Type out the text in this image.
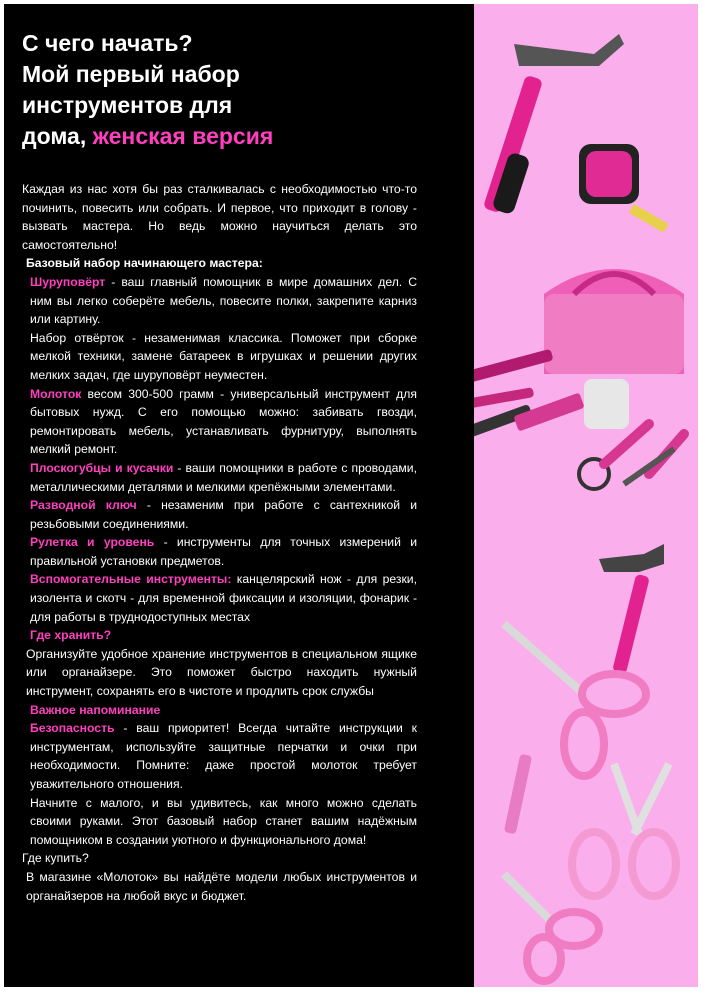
С чего начать?
Мой первый набор
инструментов для
дома, женская версия

Каждая из нас хотя бы раз сталкивалась с необходимостью что-то починить, повесить или собрать. И первое, что приходит в голову - вызвать мастера. Но ведь можно научиться делать это самостоятельно!

Базовый набор начинающего мастера:

Шуруповёрт - ваш главный помощник в мире домашних дел. С ним вы легко соберёте мебель, повесите полки, закрепите карниз или картину.

Набор отвёрток - незаменимая классика. Поможет при сборке мелкой техники, замене батареек в игрушках и решении других мелких задач, где шуруповёрт неуместен.

Молоток весом 300-500 грамм - универсальный инструмент для бытовых нужд. С его помощью можно: забивать гвозди, ремонтировать мебель, устанавливать фурнитуру, выполнять мелкий ремонт.

Плоскогубцы и кусачки - ваши помощники в работе с проводами, металлическими деталями и мелкими крепёжными элементами.

Разводной ключ - незаменим при работе с сантехникой и резьбовыми соединениями.

Рулетка и уровень - инструменты для точных измерений и правильной установки предметов.

Вспомогательные инструменты: канцелярский нож - для резки, изолента и скотч - для временной фиксации и изоляции, фонарик - для работы в труднодоступных местах

Где хранить?

Организуйте удобное хранение инструментов в специальном ящике или органайзере. Это поможет быстро находить нужный инструмент, сохранять его в чистоте и продлить срок службы

Важное напоминание

Безопасность - ваш приоритет! Всегда читайте инструкции к инструментам, используйте защитные перчатки и очки при необходимости. Помните: даже простой молоток требует уважительного отношения.

Начните с малого, и вы удивитесь, как много можно сделать своими руками. Этот базовый набор станет вашим надёжным помощником в создании уютного и функционального дома!

Где купить?

В магазине «Молоток» вы найдёте модели любых инструментов и органайзеров на любой вкус и бюджет.
